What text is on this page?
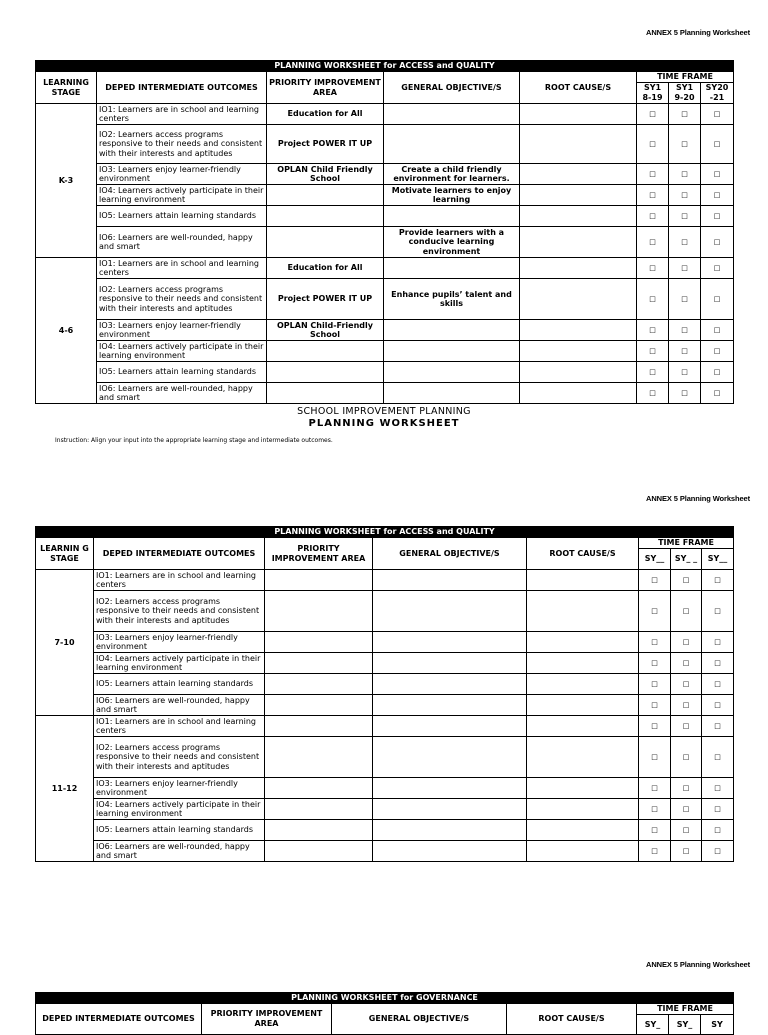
ANNEX 5 Planning Worksheet
PLANNING WORKSHEET for ACCESS and QUALITY							
LEARNING STAGE	DEPED INTERMEDIATE OUTCOMES	PRIORITY IMPROVEMENT AREA	GENERAL OBJECTIVE/S	ROOT CAUSE/S	TIME FRAME		
					SY1 8-19	SY1 9-20	SY20 -21
K-3	IO1: Learners are in school and learning centers	Education for All			□	□	□
	IO2: Learners access programs responsive to their needs and consistent with their interests and aptitudes	Project POWER IT UP			□	□	□
	IO3: Learners enjoy learner-friendly environment	OPLAN Child Friendly School	Create a child friendly environment for learners.		□	□	□
	IO4: Learners actively participate in their learning environment		Motivate learners to enjoy learning		□	□	□
	IO5: Learners attain learning standards				□	□	□
	IO6: Learners are well-rounded, happy and smart		Provide learners with a conducive learning environment		□	□	□
4-6	IO1: Learners are in school and learning centers	Education for All			□	□	□
	IO2: Learners access programs responsive to their needs and consistent with their interests and aptitudes	Project POWER IT UP	Enhance pupils’ talent and skills		□	□	□
	IO3: Learners enjoy learner-friendly environment	OPLAN Child-Friendly School			□	□	□
	IO4: Learners actively participate in their learning environment				□	□	□
	IO5: Learners attain learning standards				□	□	□
	IO6: Learners are well-rounded, happy and smart				□	□	□
SCHOOL IMPROVEMENT PLANNING
PLANNING WORKSHEET
Instruction: Align your input into the appropriate learning stage and intermediate outcomes.
ANNEX 5 Planning Worksheet
PLANNING WORKSHEET for ACCESS and QUALITY							
LEARNIN G STAGE	DEPED INTERMEDIATE OUTCOMES	PRIORITY IMPROVEMENT AREA	GENERAL OBJECTIVE/S	ROOT CAUSE/S	TIME FRAME		
					SY__	SY_ _	SY__
7-10	IO1: Learners are in school and learning centers				□	□	□
	IO2: Learners access programs responsive to their needs and consistent with their interests and aptitudes				□	□	□
	IO3: Learners enjoy learner-friendly environment				□	□	□
	IO4: Learners actively participate in their learning environment				□	□	□
	IO5: Learners attain learning standards				□	□	□
	IO6: Learners are well-rounded, happy and smart				□	□	□
11-12	IO1: Learners are in school and learning centers				□	□	□
	IO2: Learners access programs responsive to their needs and consistent with their interests and aptitudes				□	□	□
	IO3: Learners enjoy learner-friendly environment				□	□	□
	IO4: Learners actively participate in their learning environment				□	□	□
	IO5: Learners attain learning standards				□	□	□
	IO6: Learners are well-rounded, happy and smart				□	□	□
ANNEX 5 Planning Worksheet
PLANNING WORKSHEET for GOVERNANCE						
DEPED INTERMEDIATE OUTCOMES	PRIORITY IMPROVEMENT AREA	GENERAL OBJECTIVE/S	ROOT CAUSE/S	TIME FRAME		
				SY_	SY_	SY
